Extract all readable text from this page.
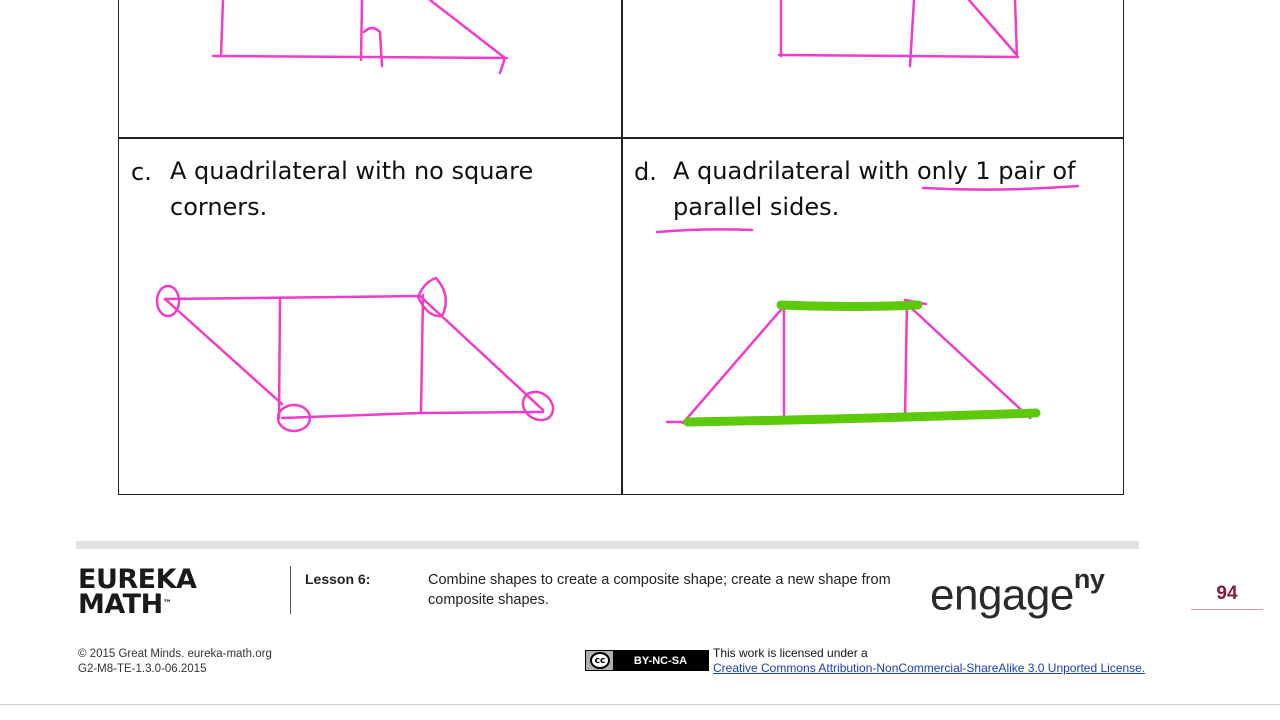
c. A quadrilateral with no square
corners.
d. A quadrilateral with only 1 pair of
parallel sides.
EUREKA
MATH™
Lesson 6:	Combine shapes to create a composite shape; create a new shape from composite shapes.	engage$^{ny}$	94
© 2015 Great Minds. eureka-math.org
G2-M8-TE-1.3.0-06.2015
cc	BY-NC-SA
This work is licensed under a
Creative Commons Attribution-NonCommercial-ShareAlike 3.0 Unported License.
